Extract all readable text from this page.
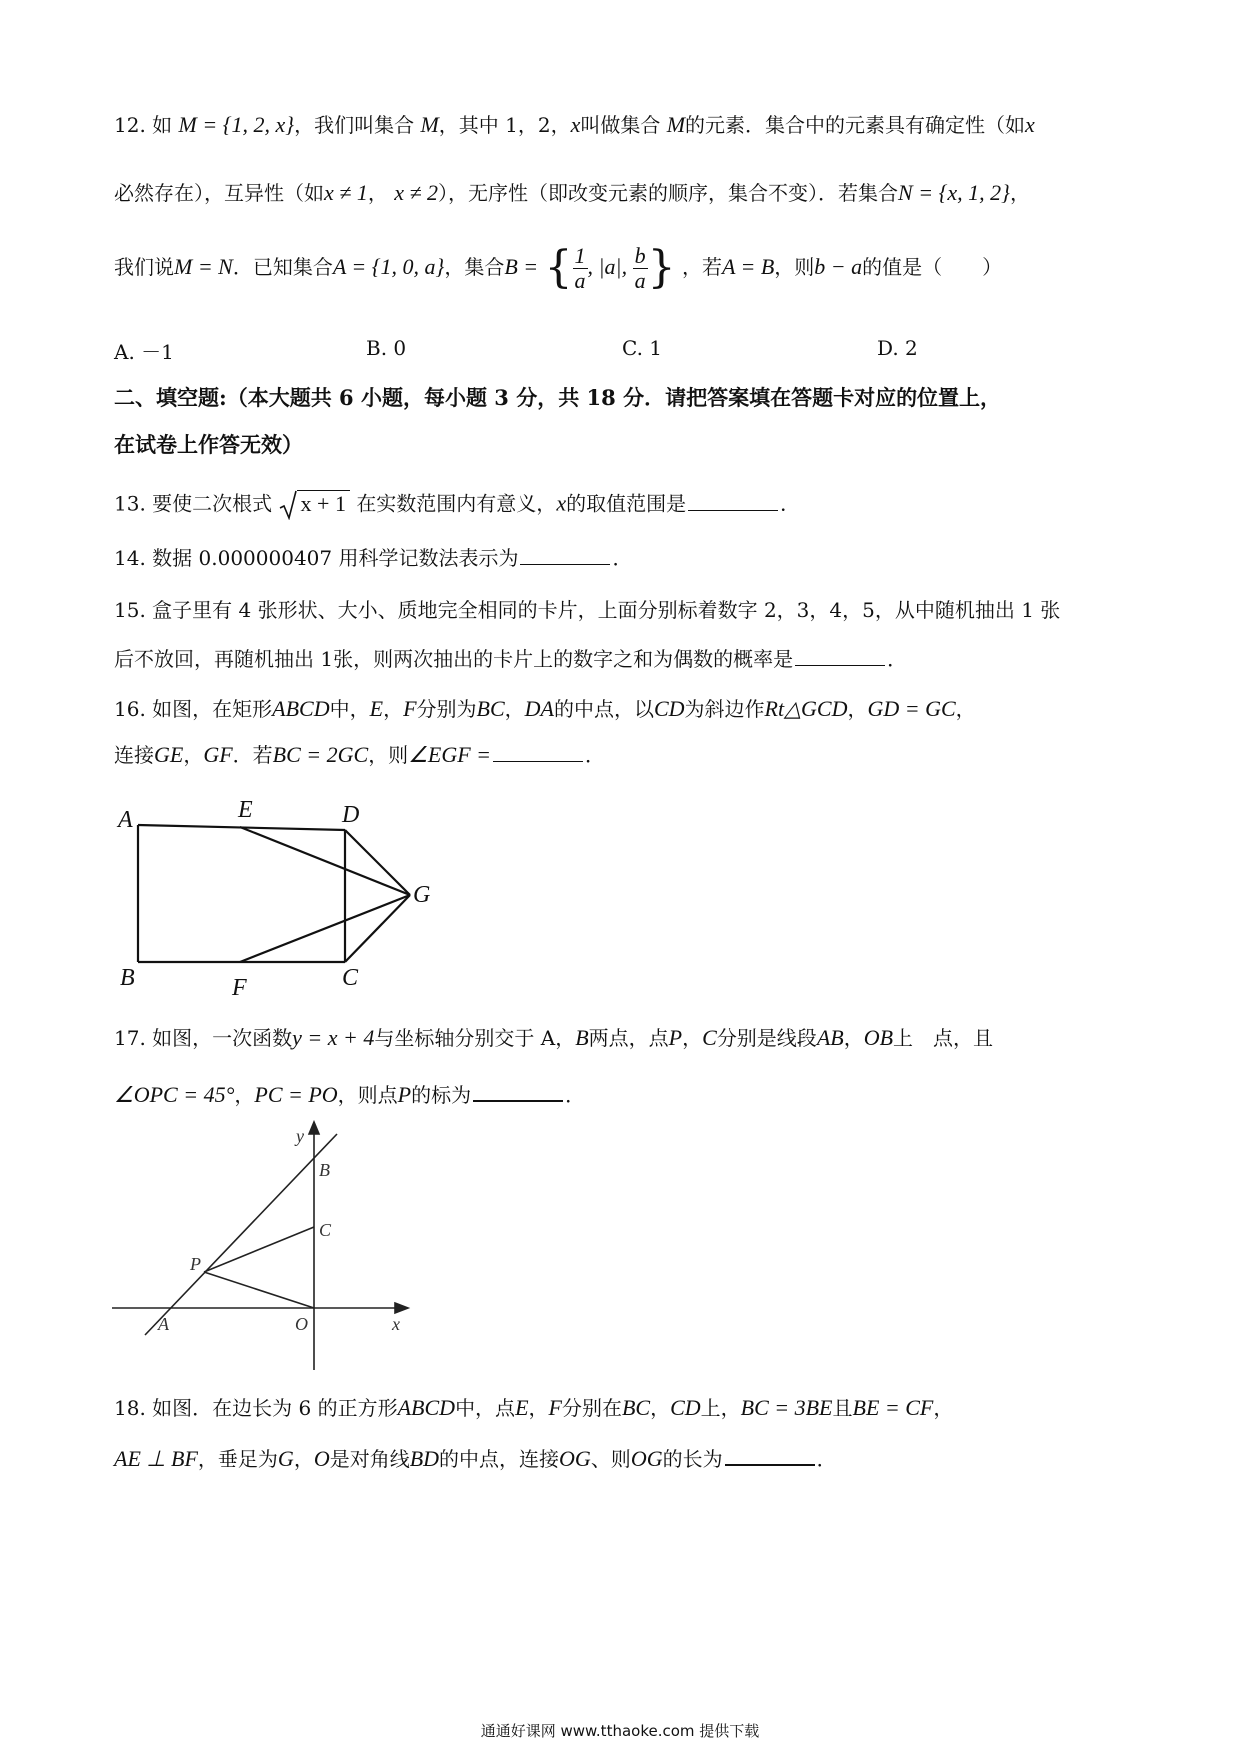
12. 如 M = {1, 2, x}，我们叫集合 M，其中 1，2，x叫做集合 M的元素．集合中的元素具有确定性（如x
必然存在），互异性（如x ≠ 1， x ≠ 2），无序性（即改变元素的顺序，集合不变）．若集合N = {x, 1, 2}，
我们说M = N．已知集合A = {1, 0, a}，集合B = { $\frac{1}{a}$ , |a|, $\frac{b}{a}$ } ，若A = B，则b − a的值是（　　）
A. －1	B. 0	C. 1	D. 2
二、填空题:（本大题共 6 小题，每小题 3 分，共 18 分．请把答案填在答题卡对应的位置上，
在试卷上作答无效）
13. 要使二次根式 x + 1 在实数范围内有意义，x的取值范围是	．
14. 数据 0.000000407 用科学记数法表示为	．
15. 盒子里有 4 张形状、大小、质地完全相同的卡片，上面分别标着数字 2，3，4，5，从中随机抽出 1 张
后不放回，再随机抽出 1张，则两次抽出的卡片上的数字之和为偶数的概率是	．
16. 如图，在矩形ABCD中，E，F分别为BC，DA的中点，以CD为斜边作Rt△GCD，GD = GC，
连接GE，GF．若BC = 2GC，则∠EGF =	．
A	E	D
G
B	F	C
17. 如图，一次函数y = x + 4与坐标轴分别交于 A，B两点，点P，C分别是线段AB，OB上　点，且
∠OPC = 45°，PC = PO，则点P的标为	．
y
B
C
P
A	O	x
18. 如图．在边长为 6 的正方形ABCD中，点E，F分别在BC，CD上，BC = 3BE且BE = CF，
AE ⊥ BF，垂足为G，O是对角线BD的中点，连接OG、则OG的长为	．
通通好课网 www.tthaoke.com 提供下载
